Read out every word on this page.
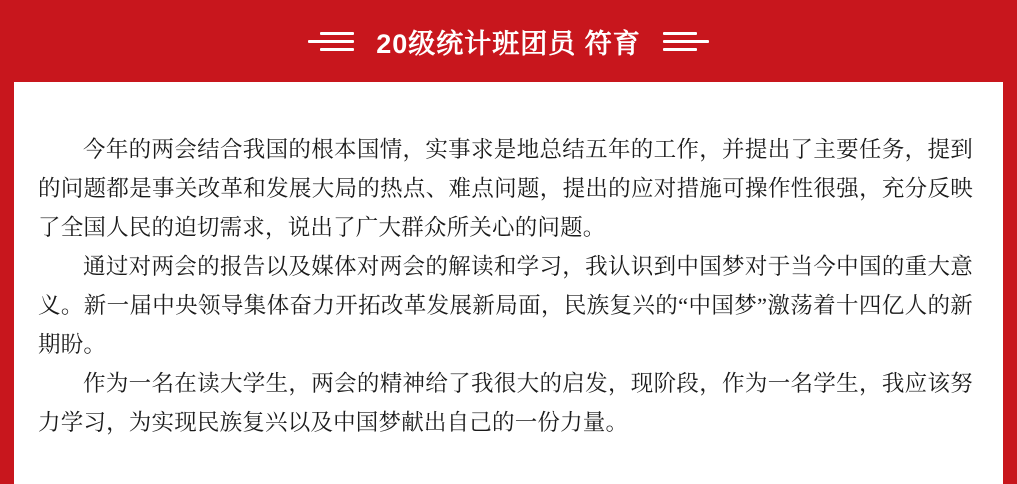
20级统计班团员 符育

今年的两会结合我国的根本国情，实事求是地总结五年的工作，并提出了主要任务，提到的问题都是事关改革和发展大局的热点、难点问题，提出的应对措施可操作性很强，充分反映了全国人民的迫切需求，说出了广大群众所关心的问题。

通过对两会的报告以及媒体对两会的解读和学习，我认识到中国梦对于当今中国的重大意义。新一届中央领导集体奋力开拓改革发展新局面，民族复兴的“中国梦”激荡着十四亿人的新期盼。

作为一名在读大学生，两会的精神给了我很大的启发，现阶段，作为一名学生，我应该努力学习，为实现民族复兴以及中国梦献出自己的一份力量。
